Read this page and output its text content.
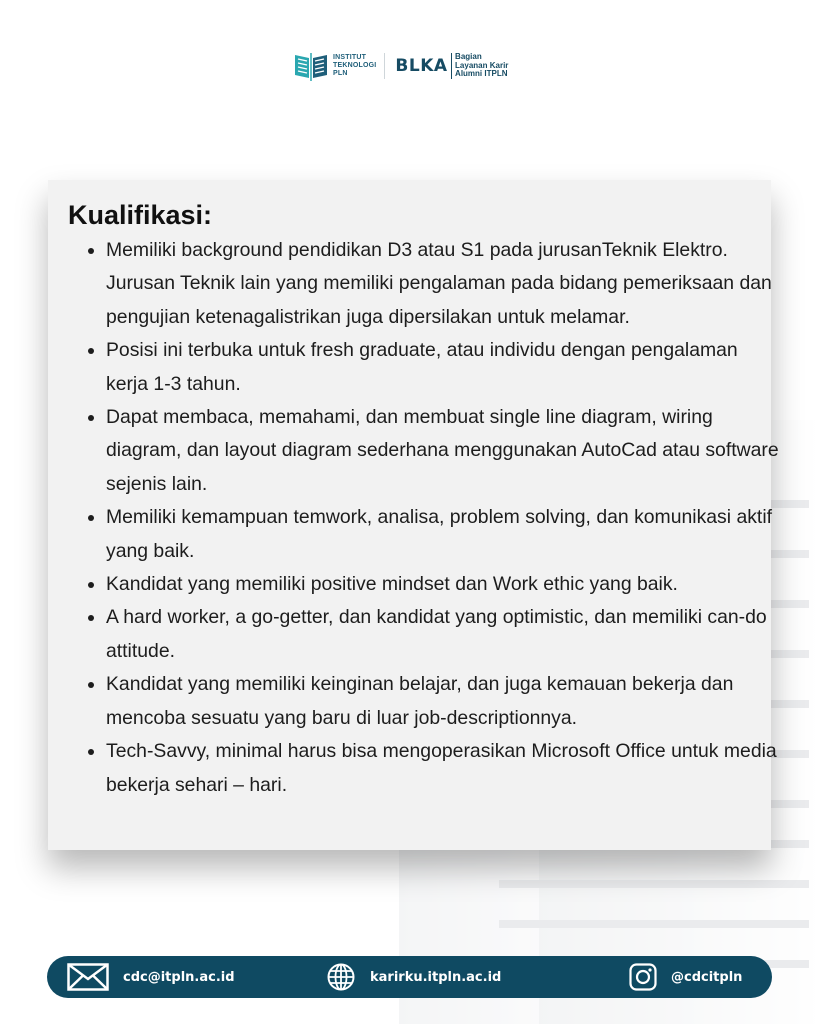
INSTITUT
TEKNOLOGI
PLN	BLKA Bagian
Layanan Karir
Alumni ITPLN
Kualifikasi:
• Memiliki background pendidikan D3 atau S1 pada jurusanTeknik Elektro. Jurusan Teknik lain yang memiliki pengalaman pada bidang pemeriksaan dan pengujian ketenagalistrikan juga dipersilakan untuk melamar.
• Posisi ini terbuka untuk fresh graduate, atau individu dengan pengalaman kerja 1-3 tahun.
• Dapat membaca, memahami, dan membuat single line diagram, wiring diagram, dan layout diagram sederhana menggunakan AutoCad atau software sejenis lain.
• Memiliki kemampuan temwork, analisa, problem solving, dan komunikasi aktif yang baik.
• Kandidat yang memiliki positive mindset dan Work ethic yang baik.
• A hard worker, a go-getter, dan kandidat yang optimistic, dan memiliki can-do attitude.
• Kandidat yang memiliki keinginan belajar, dan juga kemauan bekerja dan mencoba sesuatu yang baru di luar job-descriptionnya.
• Tech-Savvy, minimal harus bisa mengoperasikan Microsoft Office untuk media bekerja sehari – hari.
cdc@itpln.ac.id	karirku.itpln.ac.id	@cdcitpln
